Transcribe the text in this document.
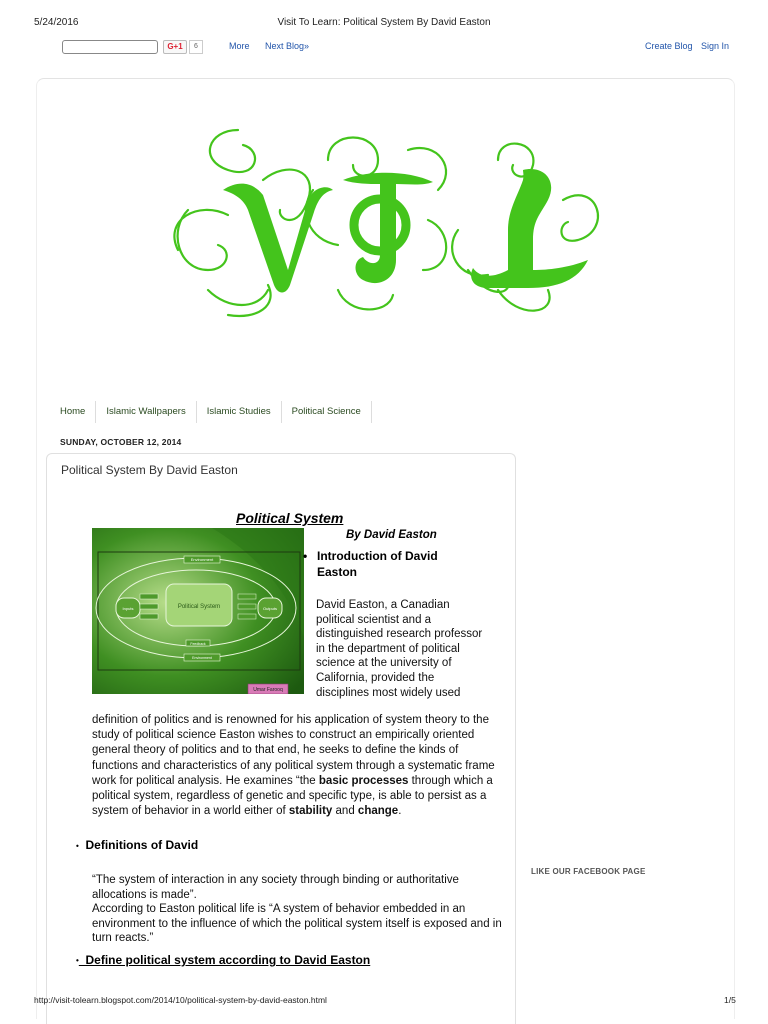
5/24/2016	Visit To Learn: Political System By David Easton
G+1	6	More Next Blog»	Create Blog Sign In
Home	Islamic Wallpapers	Islamic Studies	Political Science
SUNDAY, OCTOBER 12, 2014
Political System By David Easton
Political System
By David Easton
Environment
Political System
Inputs	Outputs
Feedback
Environment
Umar Farooq
• Introduction of David Easton
David Easton, a Canadian political scientist and a distinguished research professor in the department of political science at the university of California, provided the disciplines most widely used
definition of politics and is renowned for his application of system theory to the study of political science Easton wishes to construct an empirically oriented general theory of politics and to that end, he seeks to define the kinds of functions and characteristics of any political system through a systematic frame work for political analysis. He examines “the basic processes through which a political system, regardless of genetic and specific type, is able to persist as a system of behavior in a world either of stability and change.
• Definitions of David
“The system of interaction in any society through binding or authoritative allocations is made”.
According to Easton political life is “A system of behavior embedded in an environment to the influence of which the political system itself is exposed and in turn reacts.”
• Define political system according to David Easton
LIKE OUR FACEBOOK PAGE
http://visit-tolearn.blogspot.com/2014/10/political-system-by-david-easton.html	1/5
